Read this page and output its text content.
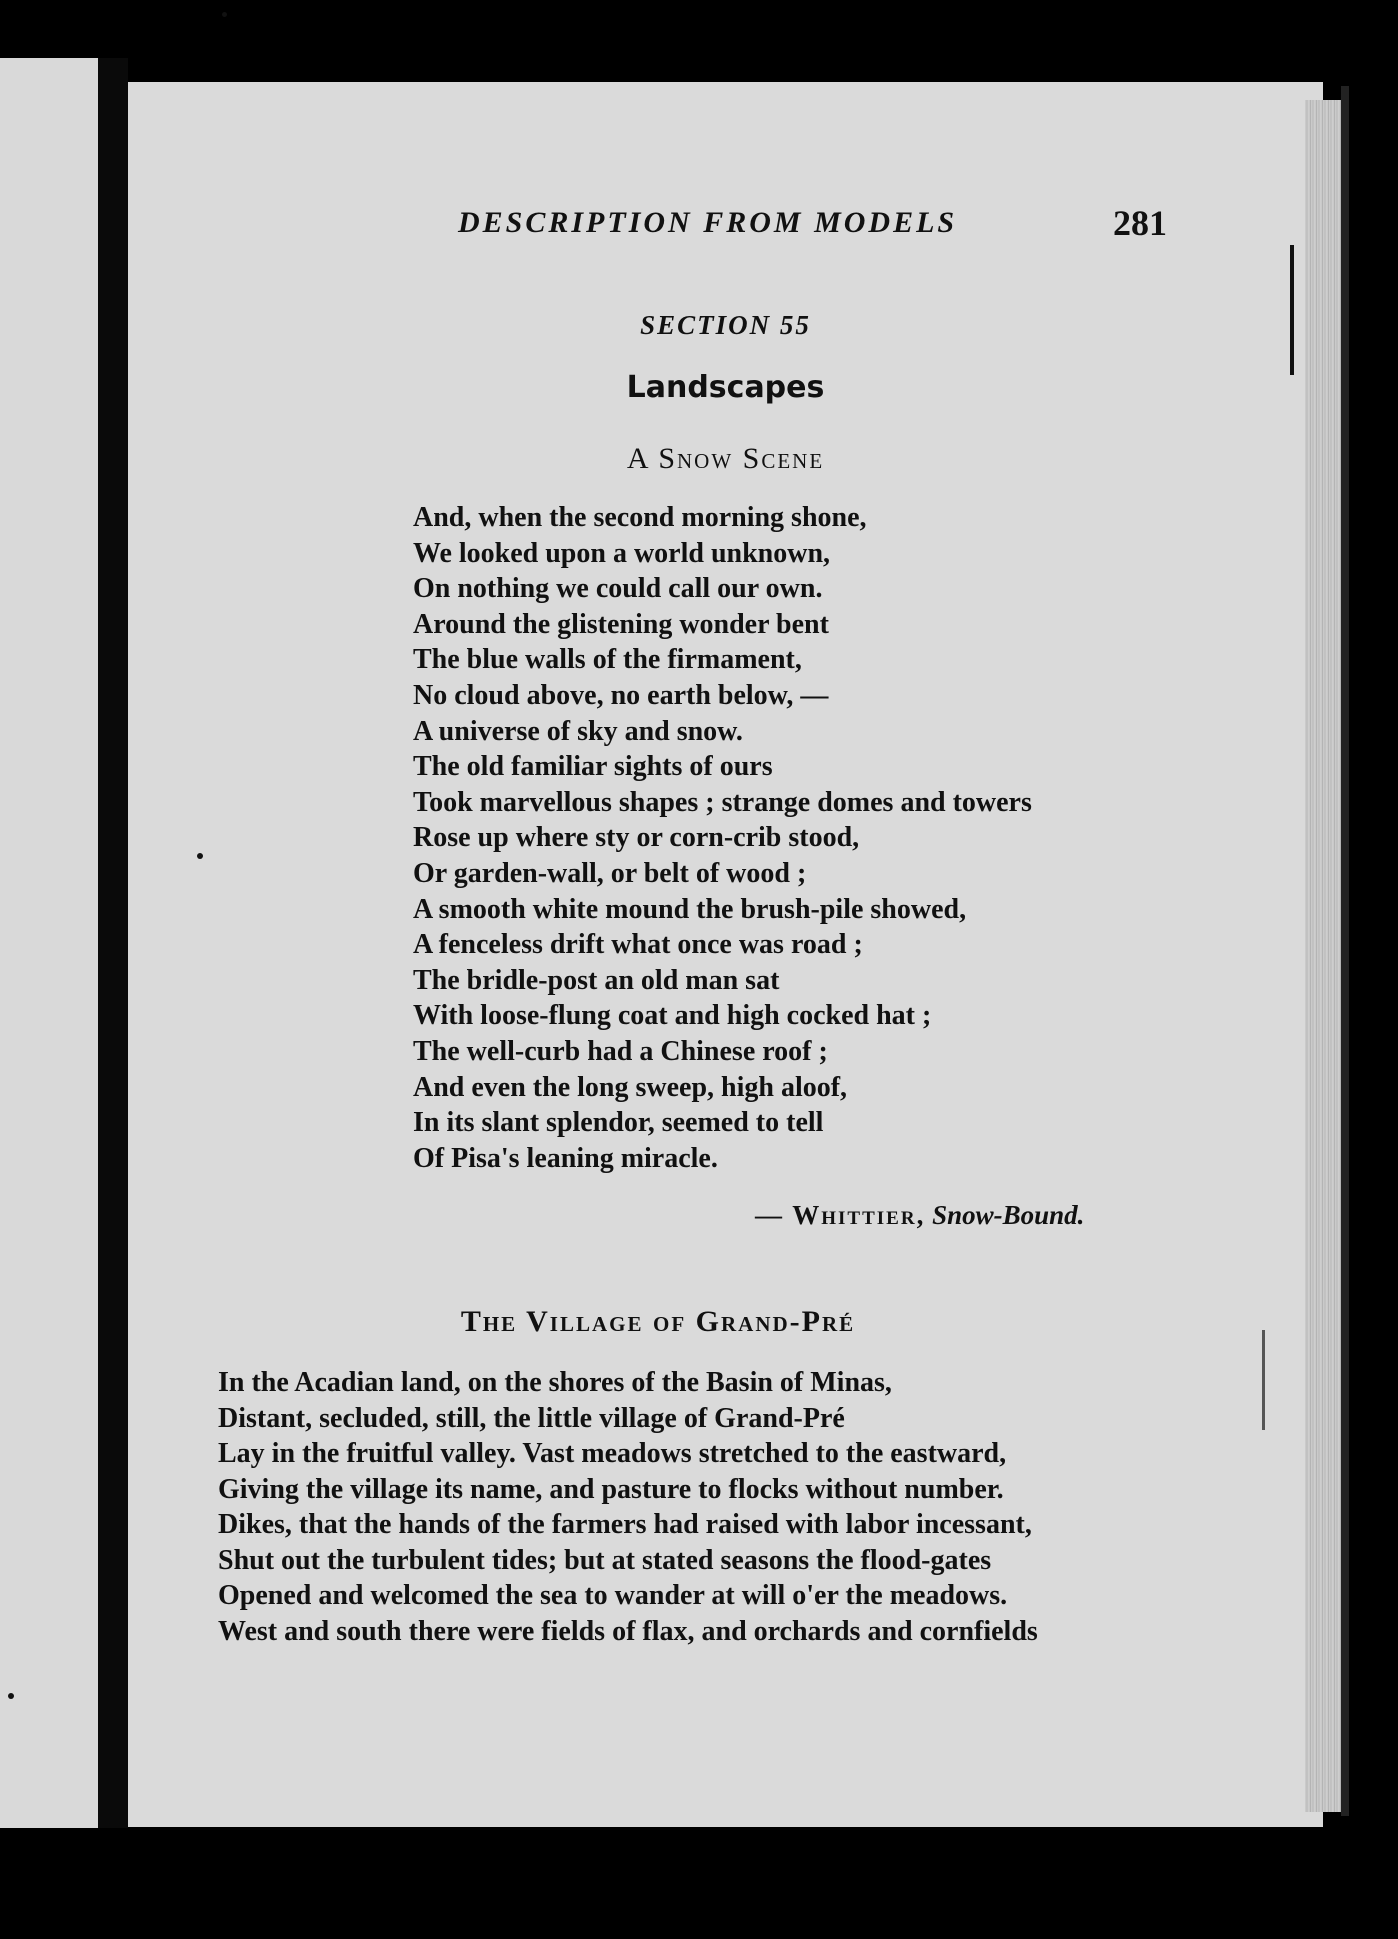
DESCRIPTION FROM MODELS	281
SECTION 55
Landscapes
A Snow Scene
And, when the second morning shone,
We looked upon a world unknown,
On nothing we could call our own.
Around the glistening wonder bent
The blue walls of the firmament,
No cloud above, no earth below, —
A universe of sky and snow.
The old familiar sights of ours
Took marvellous shapes ; strange domes and towers
Rose up where sty or corn-crib stood,
Or garden-wall, or belt of wood ;
A smooth white mound the brush-pile showed,
A fenceless drift what once was road ;
The bridle-post an old man sat
With loose-flung coat and high cocked hat ;
The well-curb had a Chinese roof ;
And even the long sweep, high aloof,
In its slant splendor, seemed to tell
Of Pisa's leaning miracle.
— Whittier, Snow-Bound.
The Village of Grand-Pré
In the Acadian land, on the shores of the Basin of Minas,
Distant, secluded, still, the little village of Grand-Pré
Lay in the fruitful valley. Vast meadows stretched to the eastward,
Giving the village its name, and pasture to flocks without number.
Dikes, that the hands of the farmers had raised with labor incessant,
Shut out the turbulent tides; but at stated seasons the flood-gates
Opened and welcomed the sea to wander at will o'er the meadows.
West and south there were fields of flax, and orchards and cornfields
